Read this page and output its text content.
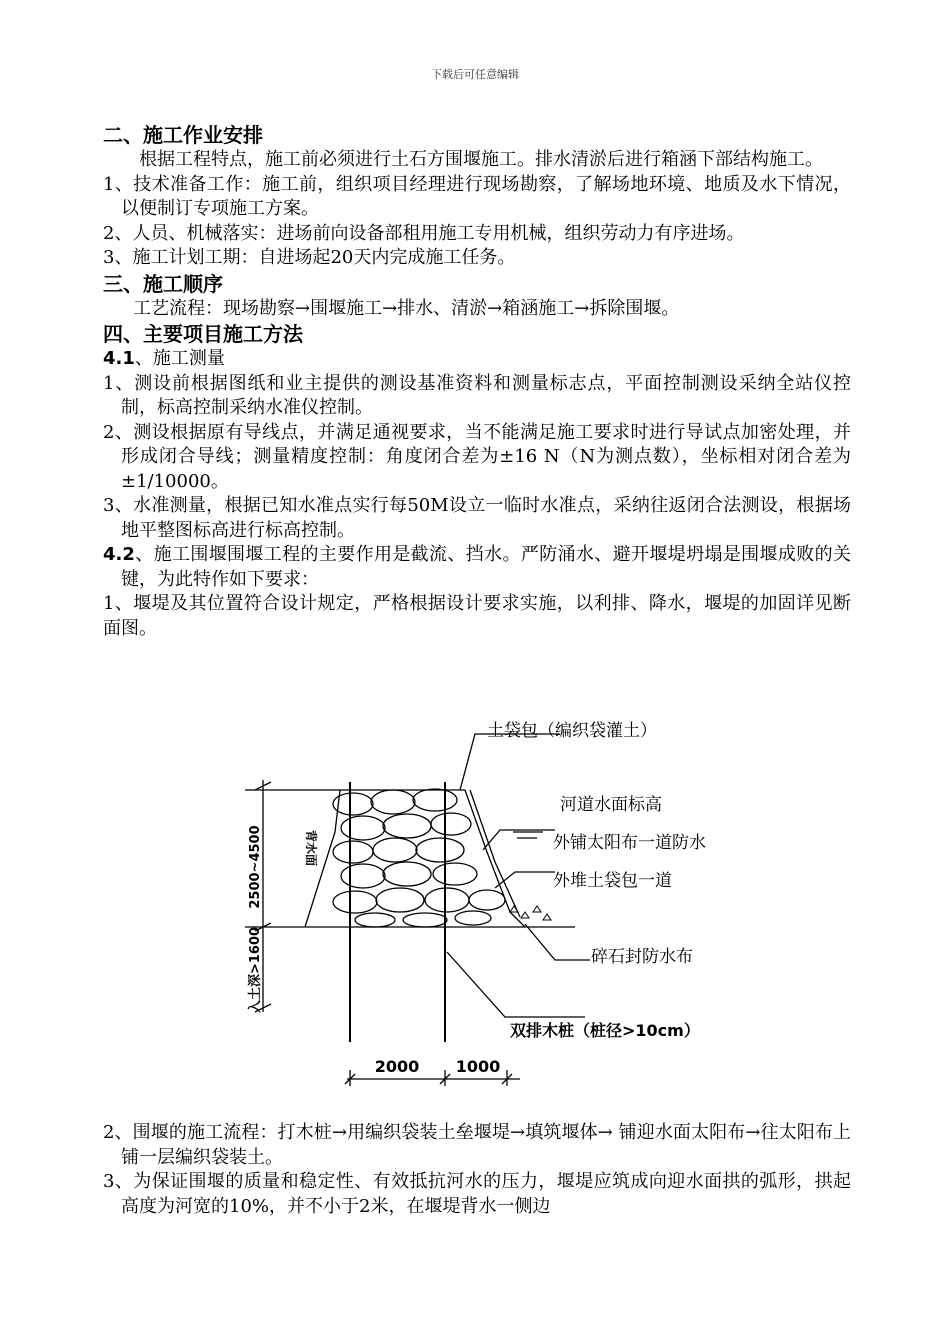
下载后可任意编辑
二、施工作业安排

根据工程特点，施工前必须进行土石方围堰施工。排水清淤后进行箱涵下部结构施工。

1、技术准备工作：施工前，组织项目经理进行现场勘察，了解场地环境、地质及水下情况，以便制订专项施工方案。

2、人员、机械落实：进场前向设备部租用施工专用机械，组织劳动力有序进场。

3、施工计划工期：自进场起20天内完成施工任务。

三、施工顺序

工艺流程：现场勘察→围堰施工→排水、清淤→箱涵施工→拆除围堰。

四、主要项目施工方法

4.1、施工测量

1、测设前根据图纸和业主提供的测设基准资料和测量标志点，平面控制测设采纳全站仪控制，标高控制采纳水准仪控制。

2、测设根据原有导线点，并满足通视要求，当不能满足施工要求时进行导试点加密处理，并形成闭合导线；测量精度控制：角度闭合差为±16 N（N为测点数），坐标相对闭合差为±1/10000。

3、水准测量，根据已知水准点实行每50M设立一临时水准点，采纳往返闭合法测设，根据场地平整图标高进行标高控制。

4.2、施工围堰围堰工程的主要作用是截流、挡水。严防涌水、避开堰堤坍塌是围堰成败的关键，为此特作如下要求：

1、堰堤及其位置符合设计规定，严格根据设计要求实施，以利排、降水，堰堤的加固详见断面图。

土袋包（编织袋灌土）
河道水面标高
外铺太阳布一道防水
外堆土袋包一道
碎石封防水布
双排木桩（桩径>10cm）
背水面
2500~4500
入土深>1600
2000 1000

2、围堰的施工流程：打木桩→用编织袋装土垒堰堤→填筑堰体→ 铺迎水面太阳布→往太阳布上铺一层编织袋装土。

3、为保证围堰的质量和稳定性、有效抵抗河水的压力，堰堤应筑成向迎水面拱的弧形，拱起高度为河宽的10%，并不小于2米，在堰堤背水一侧边
